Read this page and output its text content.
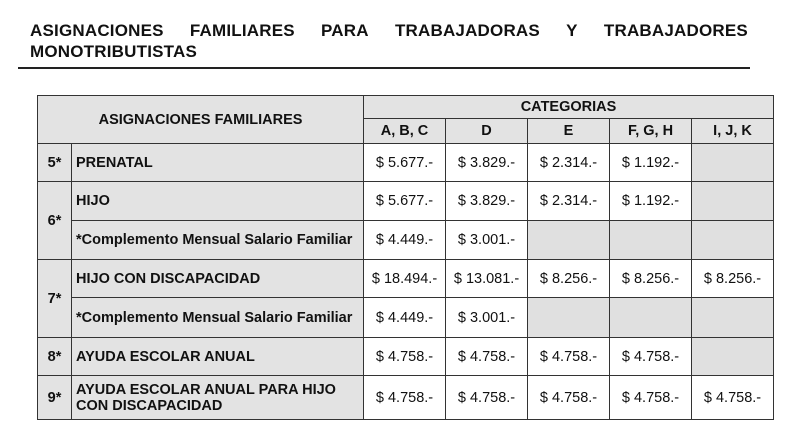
ASIGNACIONES FAMILIARES PARA TRABAJADORAS Y TRABAJADORES
MONOTRIBUTISTAS
ASIGNACIONES FAMILIARES		CATEGORIAS				
		A, B, C	D	E	F, G, H	I, J, K
5*	PRENATAL	$ 5.677.-	$ 3.829.-	$ 2.314.-	$ 1.192.-	
6*	HIJO	$ 5.677.-	$ 3.829.-	$ 2.314.-	$ 1.192.-	
	*Complemento Mensual Salario Familiar	$ 4.449.-	$ 3.001.-			
7*	HIJO CON DISCAPACIDAD	$ 18.494.-	$ 13.081.-	$ 8.256.-	$ 8.256.-	$ 8.256.-
	*Complemento Mensual Salario Familiar	$ 4.449.-	$ 3.001.-			
8*	AYUDA ESCOLAR ANUAL	$ 4.758.-	$ 4.758.-	$ 4.758.-	$ 4.758.-	
9*	AYUDA ESCOLAR ANUAL PARA HIJO
CON DISCAPACIDAD	$ 4.758.-	$ 4.758.-	$ 4.758.-	$ 4.758.-	$ 4.758.-
